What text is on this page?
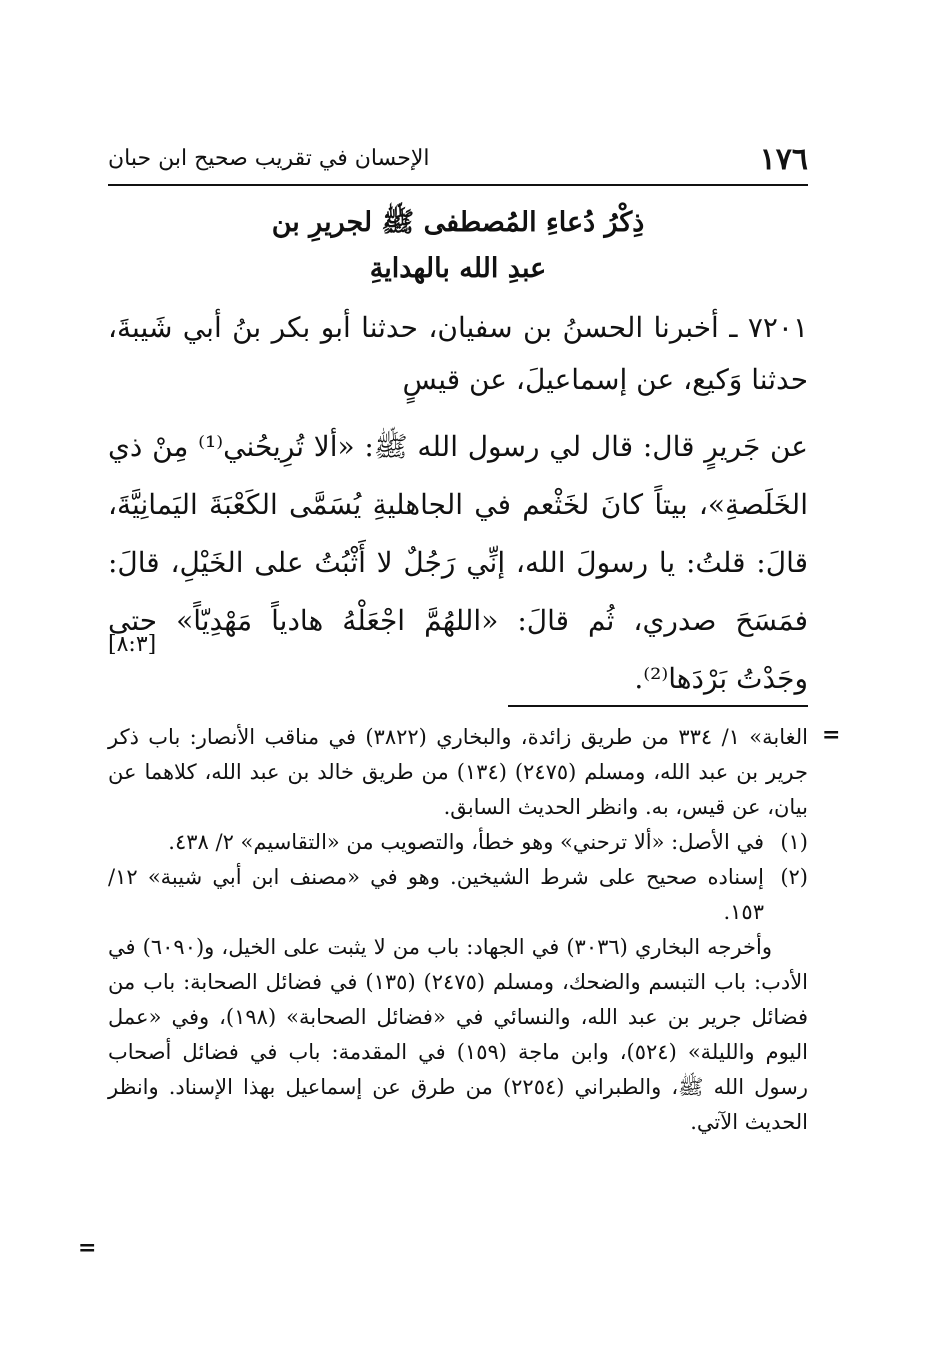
١٧٦
الإحسان في تقريب صحيح ابن حبان
ذِكْرُ دُعاءِ المُصطفى ﷺ لجريرِ بن
عبدِ الله بالهدايةِ

٧٢٠١ ـ أخبرنا الحسنُ بن سفيان، حدثنا أبو بكر بنُ أبي شَيبةَ، حدثنا وَكيع، عن إسماعيلَ، عن قيسٍ

عن جَريرٍ قال: قال لي رسول الله ﷺ: «ألا تُرِيحُني⁽¹⁾ مِنْ ذي الخَلَصةِ»، بيتاً كانَ لخَثْعم في الجاهليةِ يُسَمَّى الكَعْبَةَ اليَمانِيَّةَ، قالَ: قلتُ: يا رسولَ الله، إنِّي رَجُلٌ لا أَثْبُتُ على الخَيْلِ، قالَ: فمَسَحَ صدري، ثُم قالَ: «اللهُمَّ اجْعَلْهُ هادياً مَهْدِيّاً» حتى وجَدْتُ بَرْدَها⁽²⁾.

[٨:٣]
=

الغابة» ١/ ٣٣٤ من طريق زائدة، والبخاري (٣٨٢٢) في مناقب الأنصار: باب ذكر جرير بن عبد الله، ومسلم (٢٤٧٥) (١٣٤) من طريق خالد بن عبد الله، كلاهما عن بيان، عن قيس، به. وانظر الحديث السابق.

(١)
في الأصل: «ألا ترحني» وهو خطأ، والتصويب من «التقاسيم» ٢/ ٤٣٨.
(٢)
إسناده صحيح على شرط الشيخين. وهو في «مصنف ابن أبي شيبة» ١٢/ ١٥٣.

وأخرجه البخاري (٣٠٣٦) في الجهاد: باب من لا يثبت على الخيل، و(٦٠٩٠) في الأدب: باب التبسم والضحك، ومسلم (٢٤٧٥) (١٣٥) في فضائل الصحابة: باب من فضائل جرير بن عبد الله، والنسائي في «فضائل الصحابة» (١٩٨)، وفي «عمل اليوم والليلة» (٥٢٤)، وابن ماجة (١٥٩) في المقدمة: باب في فضائل أصحاب رسول الله ﷺ، والطبراني (٢٢٥٤) من طرق عن إسماعيل بهذا الإسناد. وانظر الحديث الآتي.

=
